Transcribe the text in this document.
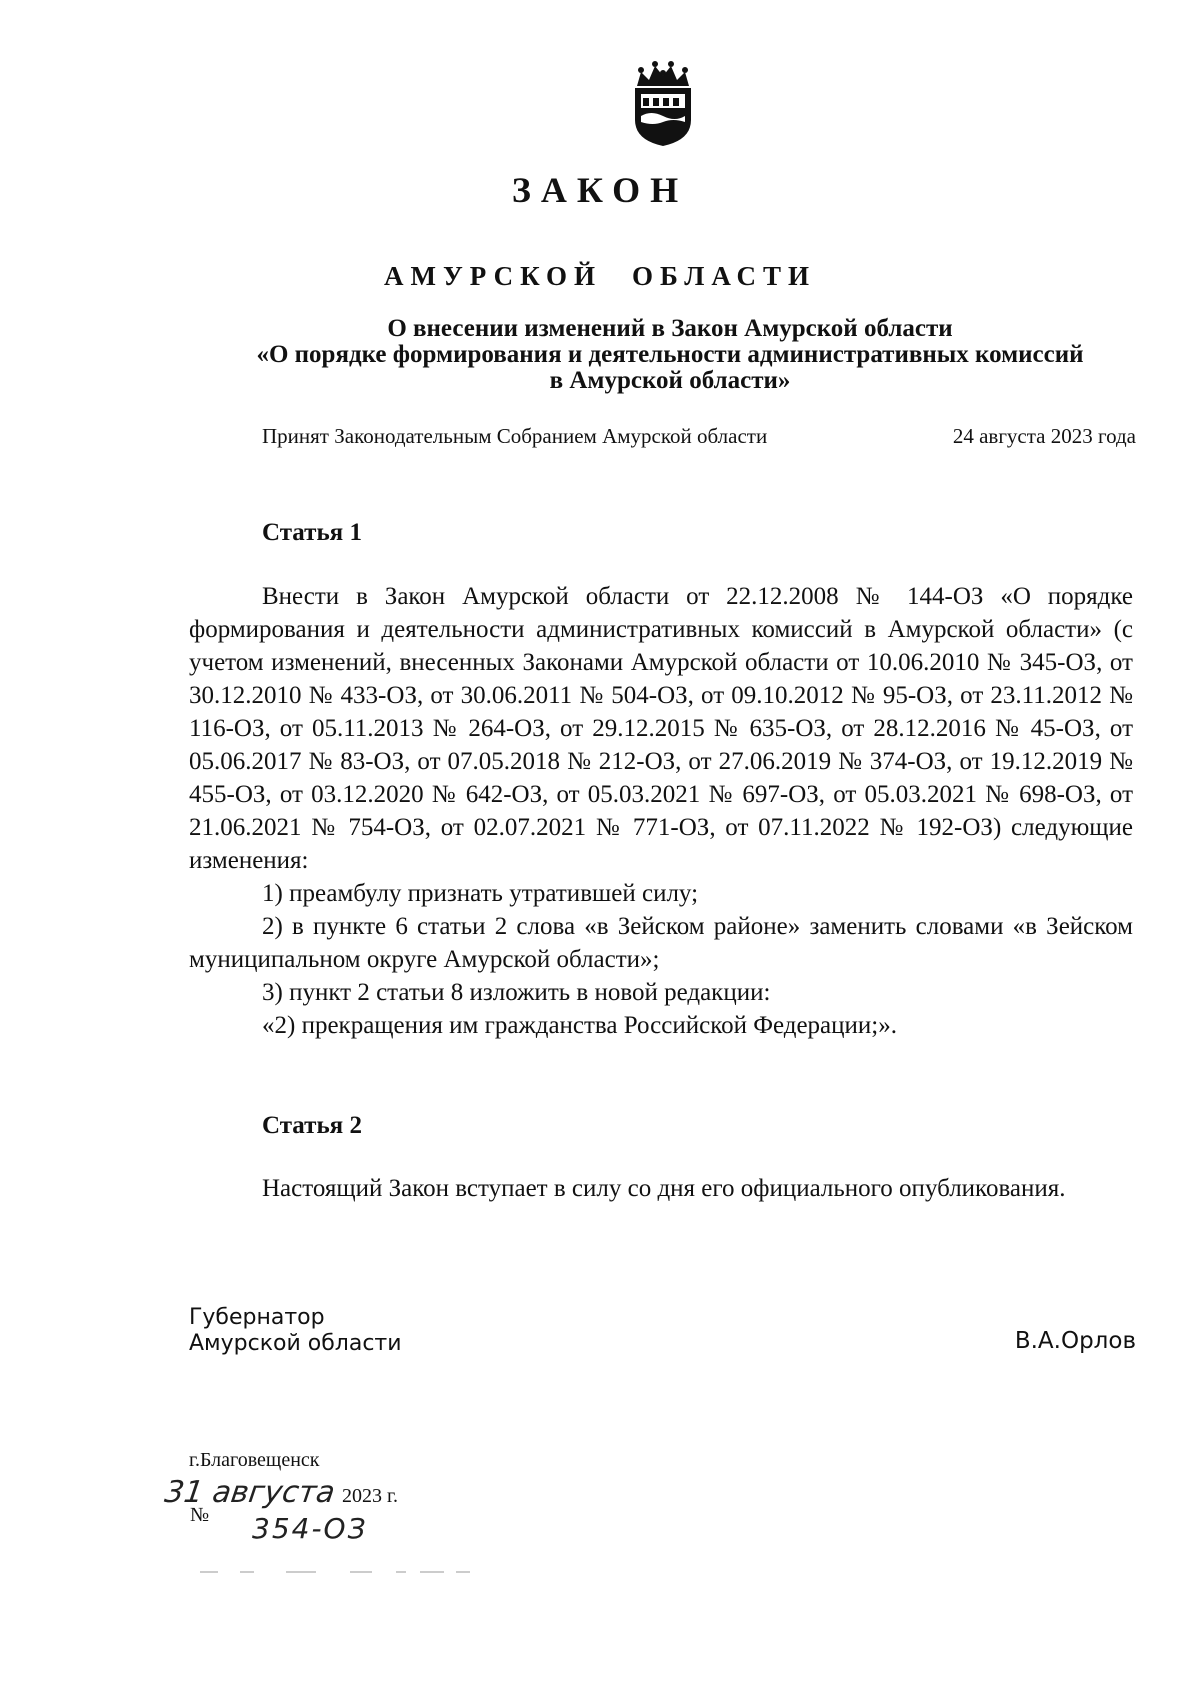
ЗАКОН
АМУРСКОЙ ОБЛАСТИ
О внесении изменений в Закон Амурской области
«О порядке формирования и деятельности административных комиссий
в Амурской области»
Принят Законодательным Собранием Амурской области	24 августа 2023 года
Статья 1

Внести в Закон Амурской области от 22.12.2008 № 144-ОЗ «О порядке формирования и деятельности административных комиссий в Амурской области» (с учетом изменений, внесенных Законами Амурской области от 10.06.2010 № 345-ОЗ, от 30.12.2010 № 433-ОЗ, от 30.06.2011 № 504-ОЗ, от 09.10.2012 № 95-ОЗ, от 23.11.2012 № 116-ОЗ, от 05.11.2013 № 264-ОЗ, от 29.12.2015 № 635-ОЗ, от 28.12.2016 № 45-ОЗ, от 05.06.2017 № 83-ОЗ, от 07.05.2018 № 212-ОЗ, от 27.06.2019 № 374-ОЗ, от 19.12.2019 № 455-ОЗ, от 03.12.2020 № 642-ОЗ, от 05.03.2021 № 697-ОЗ, от 05.03.2021 № 698-ОЗ, от 21.06.2021 № 754-ОЗ, от 02.07.2021 № 771-ОЗ, от 07.11.2022 № 192-ОЗ) следующие изменения:

1) преамбулу признать утратившей силу;

2) в пункте 6 статьи 2 слова «в Зейском районе» заменить словами «в Зейском муниципальном округе Амурской области»;

3) пункт 2 статьи 8 изложить в новой редакции:

«2) прекращения им гражданства Российской Федерации;».

Статья 2

Настоящий Закон вступает в силу со дня его официального опубликования.

Губернатор
Амурской области	В.А.Орлов
г.Благовещенск
31 августа 2023 г.
№ 354-ОЗ
